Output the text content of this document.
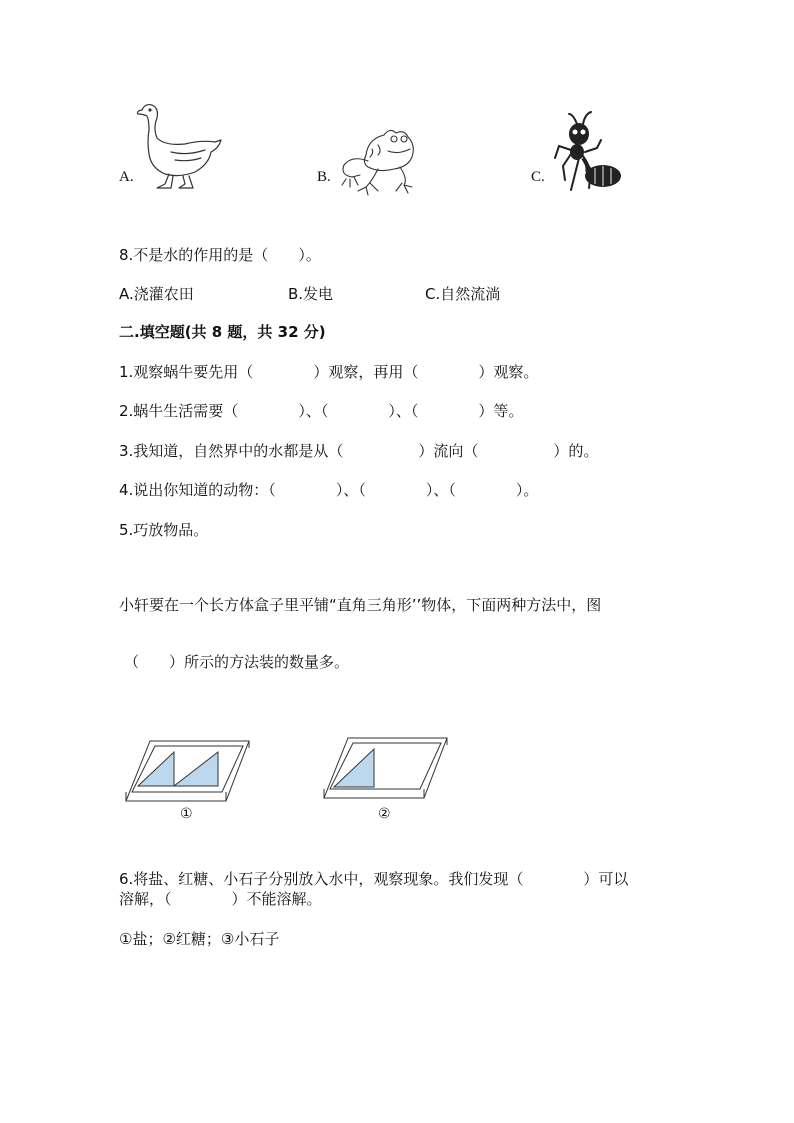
A.	B.	C.
8.不是水的作用的是（　　）。
A.浇灌农田	B.发电	C.自然流淌
二.填空题(共 8 题，共 32 分)
1.观察蜗牛要先用（　　　　）观察，再用（　　　　）观察。
2.蜗牛生活需要（　　　　）、（　　　　）、（　　　　）等。
3.我知道，自然界中的水都是从（　　　　　）流向（　　　　　）的。
4.说出你知道的动物：（　　　　）、（　　　　）、（　　　　）。
5.巧放物品。
小轩要在一个长方体盒子里平铺“直角三角形’’物体，下面两种方法中，图
（　　）所示的方法装的数量多。
①	②
6.将盐、红糖、小石子分别放入水中，观察现象。我们发现（　　　　）可以
溶解，（　　　　）不能溶解。
①盐；②红糖；③小石子
